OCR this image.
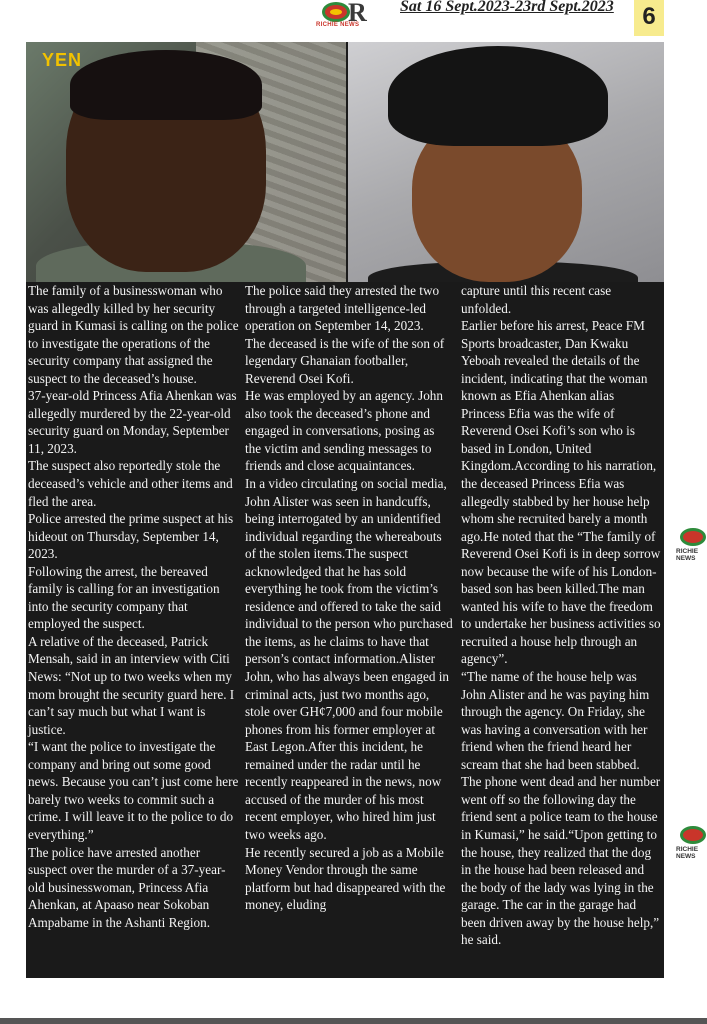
R
RICHIE NEWS
Sat 16 Sept.2023-23rd Sept.2023	6
YEN

The family of a businesswoman who was allegedly killed by her security guard in Kumasi is calling on the police to investigate the operations of the security company that assigned the suspect to the deceased’s house.

37-year-old Princess Afia Ahenkan was allegedly murdered by the 22-year-old security guard on Monday, September 11, 2023.

The suspect also reportedly stole the deceased’s vehicle and other items and fled the area.

Police arrested the prime suspect at his hideout on Thursday, September 14, 2023.

Following the arrest, the bereaved family is calling for an investigation into the security company that employed the suspect.

A relative of the deceased, Patrick Mensah, said in an interview with Citi News: “Not up to two weeks when my mom brought the security guard here. I can’t say much but what I want is justice.

“I want the police to investigate the company and bring out some good news. Because you can’t just come here barely two weeks to commit such a crime. I will leave it to the police to do everything.”

The police have arrested another suspect over the murder of a 37-year-old businesswoman, Princess Afia Ahenkan, at Apaaso near Sokoban Ampabame in the Ashanti Region.

The police said they arrested the two through a targeted intelligence-led operation on September 14, 2023.

The deceased is the wife of the son of legendary Ghanaian footballer, Reverend Osei Kofi.

He was employed by an agency. John also took the deceased’s phone and engaged in conversations, posing as the victim and sending messages to friends and close acquaintances.

In a video circulating on social media, John Alister was seen in handcuffs, being interrogated by an unidentified individual regarding the whereabouts of the stolen items.The suspect acknowledged that he has sold everything he took from the victim’s residence and offered to take the said individual to the person who purchased the items, as he claims to have that person’s contact information.Alister John, who has always been engaged in criminal acts, just two months ago, stole over GH¢7,000 and four mobile phones from his former employer at East Legon.After this incident, he remained under the radar until he recently reappeared in the news, now accused of the murder of his most recent employer, who hired him just two weeks ago.

He recently secured a job as a Mobile Money Vendor through the same platform but had disappeared with the money, eluding

capture until this recent case unfolded.

Earlier before his arrest, Peace FM Sports broadcaster, Dan Kwaku Yeboah revealed the details of the incident, indicating that the woman known as Efia Ahenkan alias Princess Efia was the wife of Reverend Osei Kofi’s son who is based in London, United Kingdom.According to his narration, the deceased Princess Efia was allegedly stabbed by her house help whom she recruited barely a month ago.He noted that the “The family of Reverend Osei Kofi is in deep sorrow now because the wife of his London-based son has been killed.The man wanted his wife to have the freedom to undertake her business activities so recruited a house help through an agency”.

“The name of the house help was John Alister and he was paying him through the agency. On Friday, she was having a conversation with her friend when the friend heard her scream that she had been stabbed. The phone went dead and her number went off so the following day the friend sent a police team to the house in Kumasi,” he said.“Upon getting to the house, they realized that the dog in the house had been released and the body of the lady was lying in the garage. The car in the garage had been driven away by the house help,” he said.

RICHIE NEWS
RICHIE NEWS
